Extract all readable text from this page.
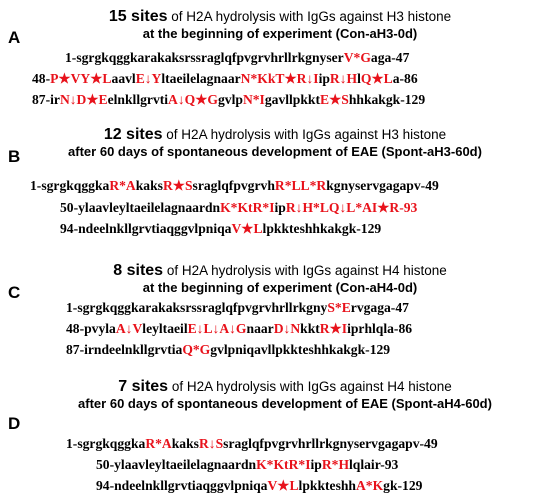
A
15 sites of H2A hydrolysis with IgGs against H3 histone
at the beginning of experiment (Con-aH3-0d)
1-sgrgkqggkarakaksrssraglqfpvgrvhrllrkgnyserV*Gaga-47
48-P★VY★LaavlE↓YltaeilelagnaarN*KkT★R↓IipR↓HlQ★La-86
87-irN↓D★EelnkllgrvtiA↓Q★GgvlpN*IgavllpkktE★Shhkakgk-129
B
12 sites of H2A hydrolysis with IgGs against H3 histone
after 60 days of spontaneous development of EAE (Spont-aH3-60d)
1-sgrgkqggkaR*AkaksR★SsraglqfpvgrvhR*LL*Rkgnyservgagapv-49
50-ylaavleyltaeilelagnaardnK*KtR*IipR↓H*LQ↓L*AI★R-93
94-ndeelnkllgrvtiaqggvlpniqaV★Llpkkteshhkakgk-129
C
8 sites of H2A hydrolysis with IgGs against H4 histone
at the beginning of experiment (Con-aH4-0d)
1-sgrgkqggkarakaksrssraglqfpvgrvhrllrkgnyS*Ervgaga-47
48-pvylaA↓VleyltaeilE↓L↓A↓GnaarD↓NkktR★Iiprhlqla-86
87-irndeelnkllgrvtiaQ*Ggvlpniqavllpkkteshhkakgk-129
D
7 sites of H2A hydrolysis with IgGs against H4 histone
after 60 days of spontaneous development of EAE (Spont-aH4-60d)
1-sgrgkqggkaR*AkaksR↓Ssraglqfpvgrvhrllrkgnyservgagapv-49
50-ylaavleyltaeilelagnaardnK*KtR*IipR*Hlqlair-93
94-ndeelnkllgrvtiaqggvlpniqaV★LlpkkteshhA*Kgk-129
